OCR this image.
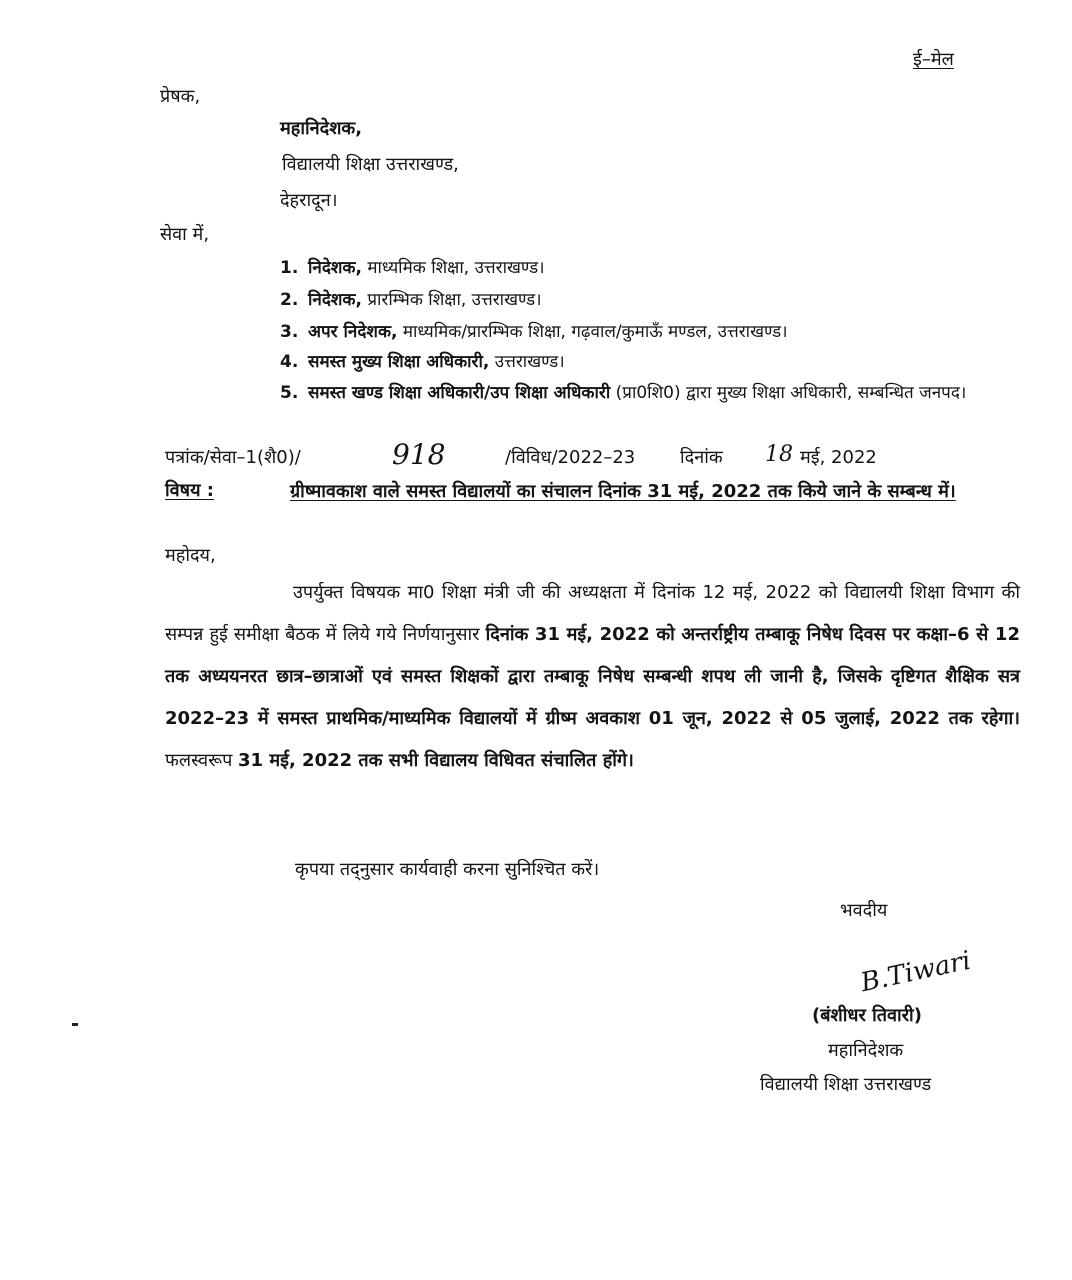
ई–मेल
प्रेषक,
महानिदेशक,
विद्यालयी शिक्षा उत्तराखण्ड,
देहरादून।
सेवा में,
1. निदेशक, माध्यमिक शिक्षा, उत्तराखण्ड।
2. निदेशक, प्रारम्भिक शिक्षा, उत्तराखण्ड।
3. अपर निदेशक, माध्यमिक/प्रारम्भिक शिक्षा, गढ़वाल/कुमाऊँ मण्डल, उत्तराखण्ड।
4. समस्त मुख्य शिक्षा अधिकारी, उत्तराखण्ड।
5. समस्त खण्ड शिक्षा अधिकारी/उप शिक्षा अधिकारी (प्रा0शि0) द्वारा मुख्य शिक्षा अधिकारी, सम्बन्धित जनपद।
पत्रांक/सेवा–1(शै0)/	918	/विविध/2022–23 दिनांक 18 मई, 2022
विषय :	ग्रीष्मावकाश वाले समस्त विद्यालयों का संचालन दिनांक 31 मई, 2022 तक किये जाने के सम्बन्ध में।
महोदय,
उपर्युक्त विषयक मा0 शिक्षा मंत्री जी की अध्यक्षता में दिनांक 12 मई, 2022 को विद्यालयी शिक्षा विभाग की सम्पन्न हुई समीक्षा बैठक में लिये गये निर्णयानुसार दिनांक 31 मई, 2022 को अन्तर्राष्ट्रीय तम्बाकू निषेध दिवस पर कक्षा–6 से 12 तक अध्ययनरत छात्र–छात्राओं एवं समस्त शिक्षकों द्वारा तम्बाकू निषेध सम्बन्धी शपथ ली जानी है, जिसके दृष्टिगत शैक्षिक सत्र 2022–23 में समस्त प्राथमिक/माध्यमिक विद्यालयों में ग्रीष्म अवकाश 01 जून, 2022 से 05 जुलाई, 2022 तक रहेगा। फलस्वरूप 31 मई, 2022 तक सभी विद्यालय विधिवत संचालित होंगे।
कृपया तद्नुसार कार्यवाही करना सुनिश्चित करें।
भवदीय
B.Tiwari
(बंशीधर तिवारी)
महानिदेशक
विद्यालयी शिक्षा उत्तराखण्ड
